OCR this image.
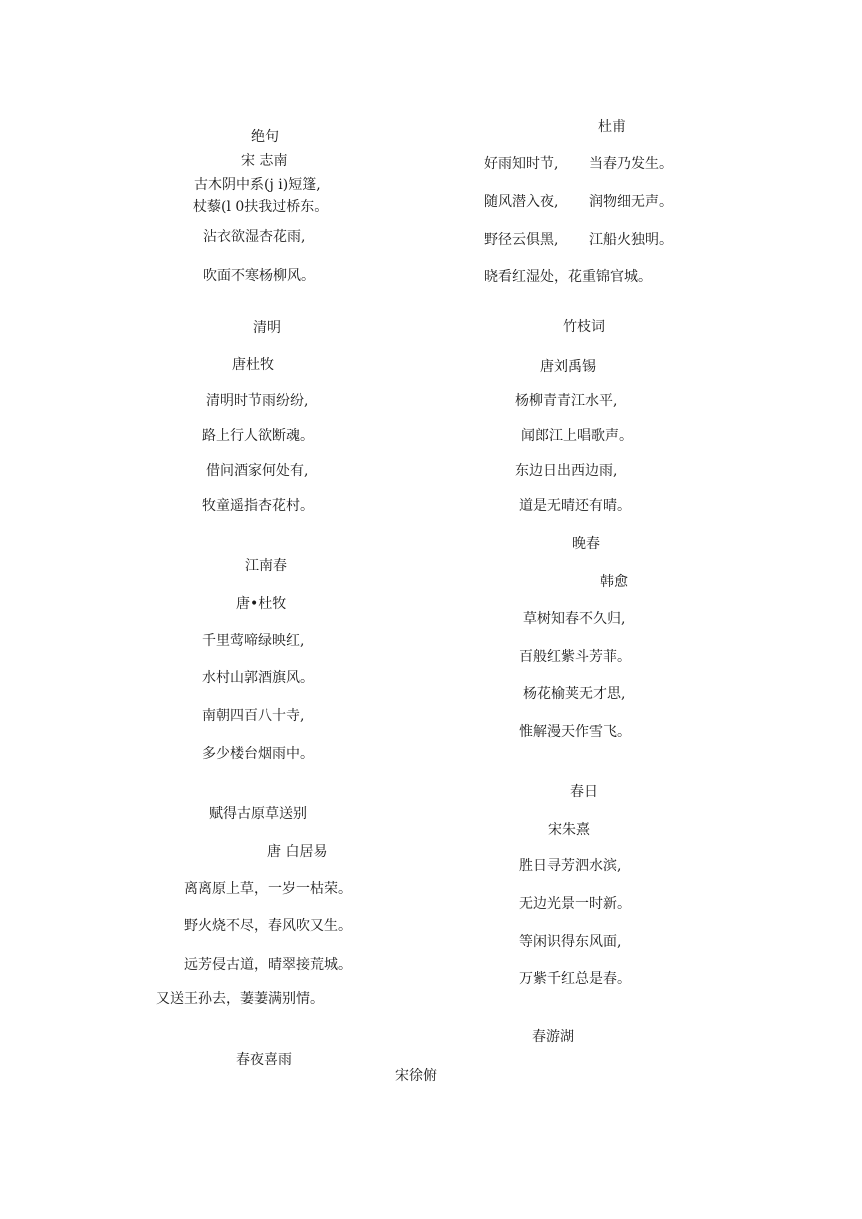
绝句
宋 志南
古木阴中系(j i)短篷,
杖藜(l 0扶我过桥东。
沾衣欲湿杏花雨,
吹面不寒杨柳风。
清明
唐杜牧
清明时节雨纷纷,
路上行人欲断魂。
借问酒家何处有,
牧童遥指杏花村。
江南春
唐•杜牧
千里莺啼绿映红,
水村山郭酒旗风。
南朝四百八十寺,
多少楼台烟雨中。
赋得古原草送别
唐 白居易
离离原上草，一岁一枯荣。
野火烧不尽，春风吹又生。
远芳侵古道，晴翠接荒城。
又送王孙去，萋萋满别情。
春夜喜雨
杜甫
好雨知时节, 当春乃发生。
随风潜入夜, 润物细无声。
野径云俱黑, 江船火独明。
晓看红湿处，花重锦官城。
竹枝词
唐刘禹锡
杨柳青青江水平,
闻郎江上唱歌声。
东边日出西边雨,
道是无晴还有晴。
晚春
韩愈
草树知春不久归,
百般红紫斗芳菲。
杨花榆荚无才思,
惟解漫天作雪飞。
春日
宋朱熹
胜日寻芳泗水滨,
无边光景一时新。
等闲识得东风面,
万紫千红总是春。
春游湖
宋徐俯
